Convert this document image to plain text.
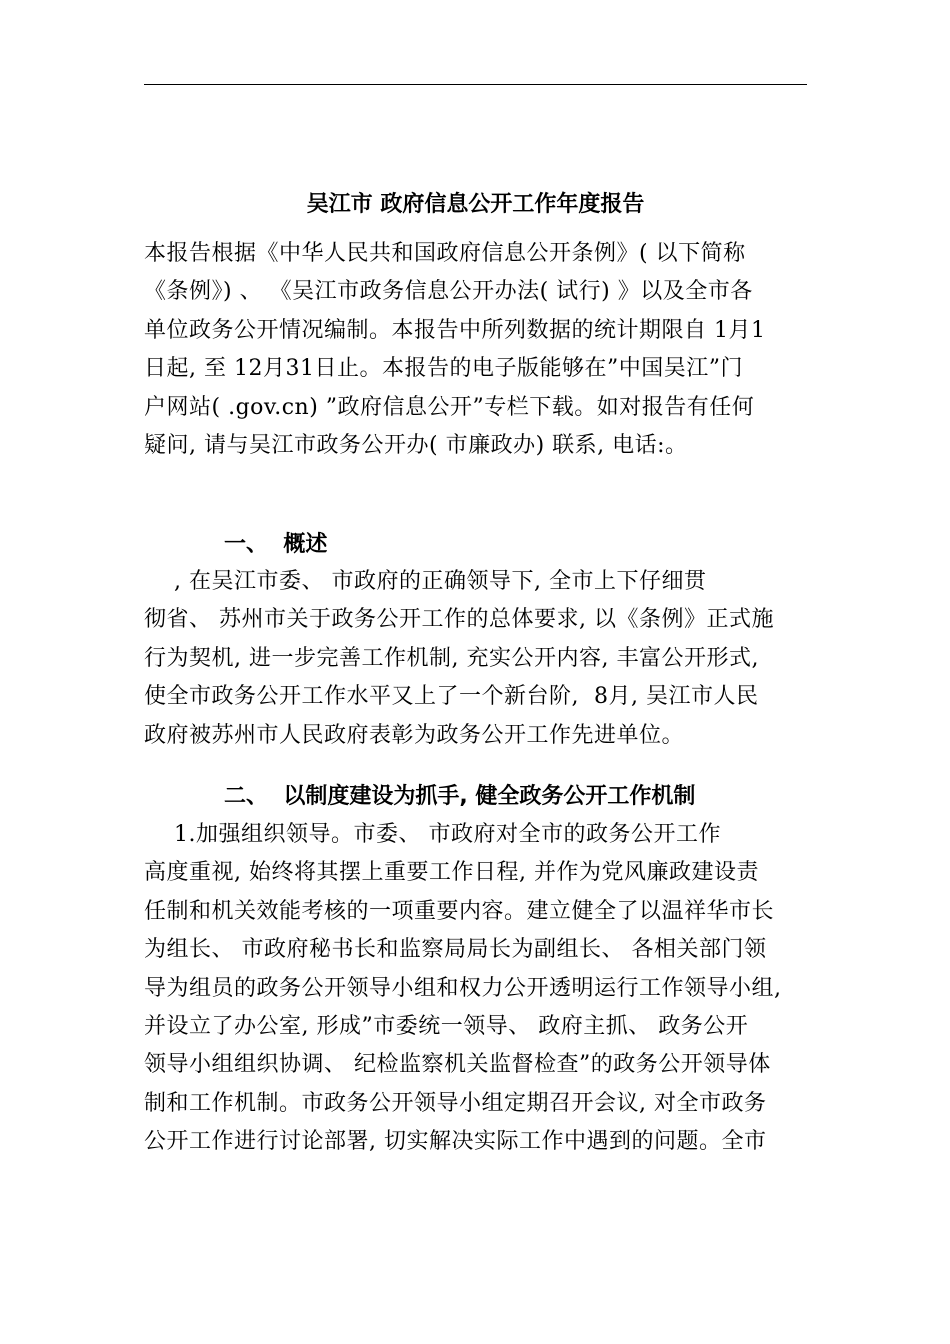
吴江市 政府信息公开工作年度报告
本报告根据《中华人民共和国政府信息公开条例》( 以下简称
《条例》) 、 《吴江市政务信息公开办法( 试行) 》以及全市各
单位政务公开情况编制。本报告中所列数据的统计期限自 1月1
日起, 至 12月31日止。本报告的电子版能够在”中国吴江”门
户网站( .gov.cn) ”政府信息公开”专栏下载。如对报告有任何
疑问, 请与吴江市政务公开办( 市廉政办) 联系, 电话:。
一、  概述
, 在吴江市委、 市政府的正确领导下, 全市上下仔细贯
彻省、 苏州市关于政务公开工作的总体要求, 以《条例》正式施
行为契机, 进一步完善工作机制, 充实公开内容, 丰富公开形式,
使全市政务公开工作水平又上了一个新台阶,  8月, 吴江市人民
政府被苏州市人民政府表彰为政务公开工作先进单位。
二、  以制度建设为抓手, 健全政务公开工作机制
1.加强组织领导。市委、 市政府对全市的政务公开工作
高度重视, 始终将其摆上重要工作日程, 并作为党风廉政建设责
任制和机关效能考核的一项重要内容。建立健全了以温祥华市长
为组长、 市政府秘书长和监察局局长为副组长、 各相关部门领
导为组员的政务公开领导小组和权力公开透明运行工作领导小组,
并设立了办公室, 形成”市委统一领导、 政府主抓、 政务公开
领导小组组织协调、 纪检监察机关监督检查”的政务公开领导体
制和工作机制。市政务公开领导小组定期召开会议, 对全市政务
公开工作进行讨论部署, 切实解决实际工作中遇到的问题。全市
